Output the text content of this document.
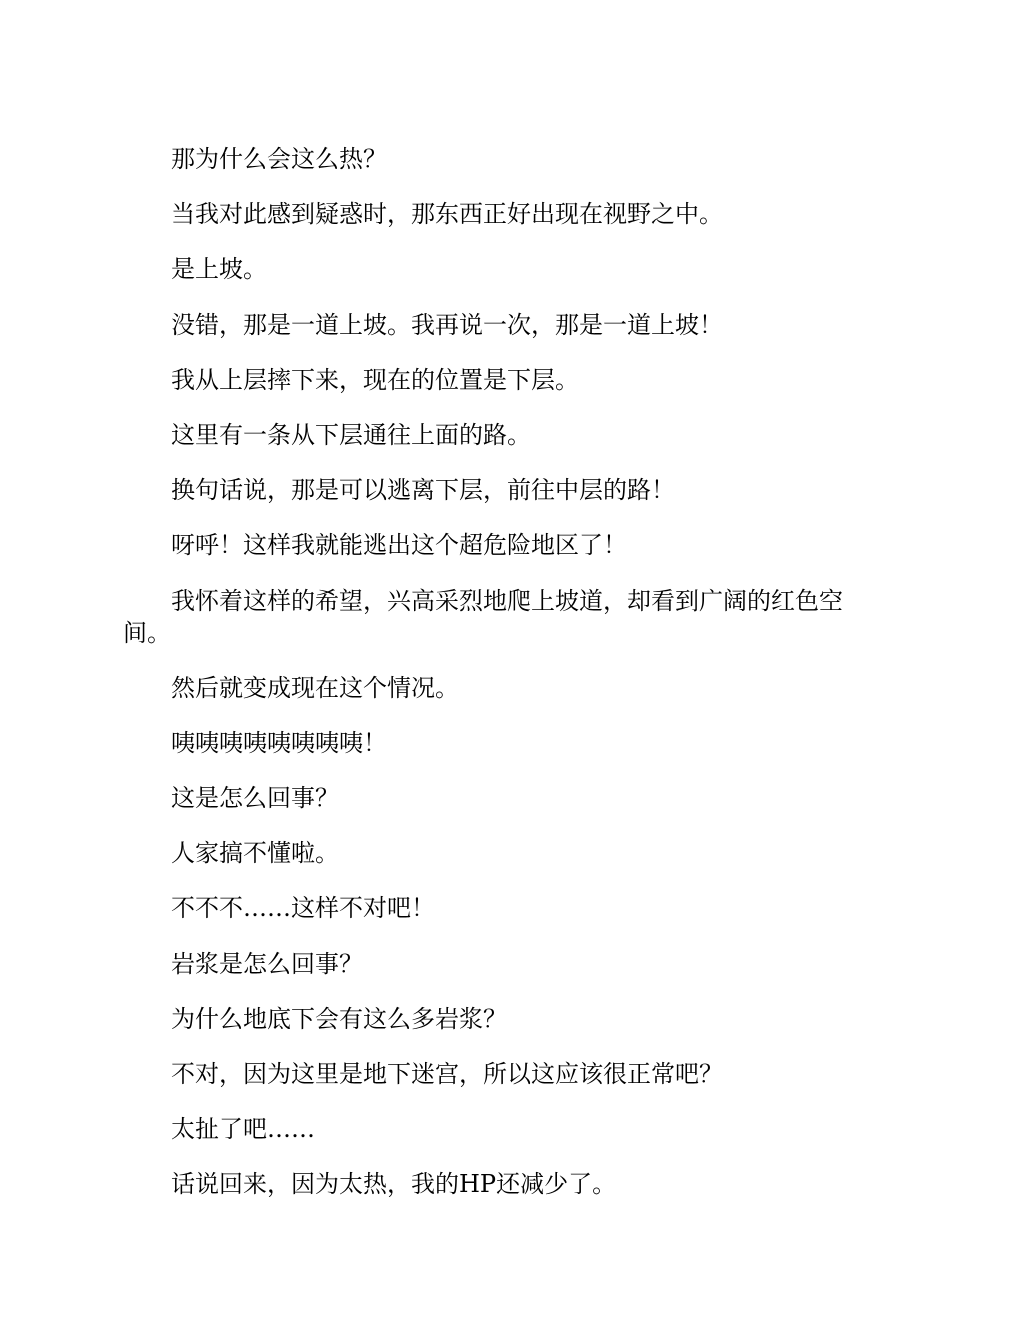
那为什么会这么热？

当我对此感到疑惑时，那东西正好出现在视野之中。

是上坡。

没错，那是一道上坡。我再说一次，那是一道上坡！

我从上层摔下来，现在的位置是下层。

这里有一条从下层通往上面的路。

换句话说，那是可以逃离下层，前往中层的路！

呀呼！这样我就能逃出这个超危险地区了！

我怀着这样的希望，兴高采烈地爬上坡道，却看到广阔的红色空间。

然后就变成现在这个情况。

咦咦咦咦咦咦咦咦！

这是怎么回事？

人家搞不懂啦。

不不不……这样不对吧！

岩浆是怎么回事？

为什么地底下会有这么多岩浆？

不对，因为这里是地下迷宫，所以这应该很正常吧？

太扯了吧……

话说回来，因为太热，我的HP还减少了。
